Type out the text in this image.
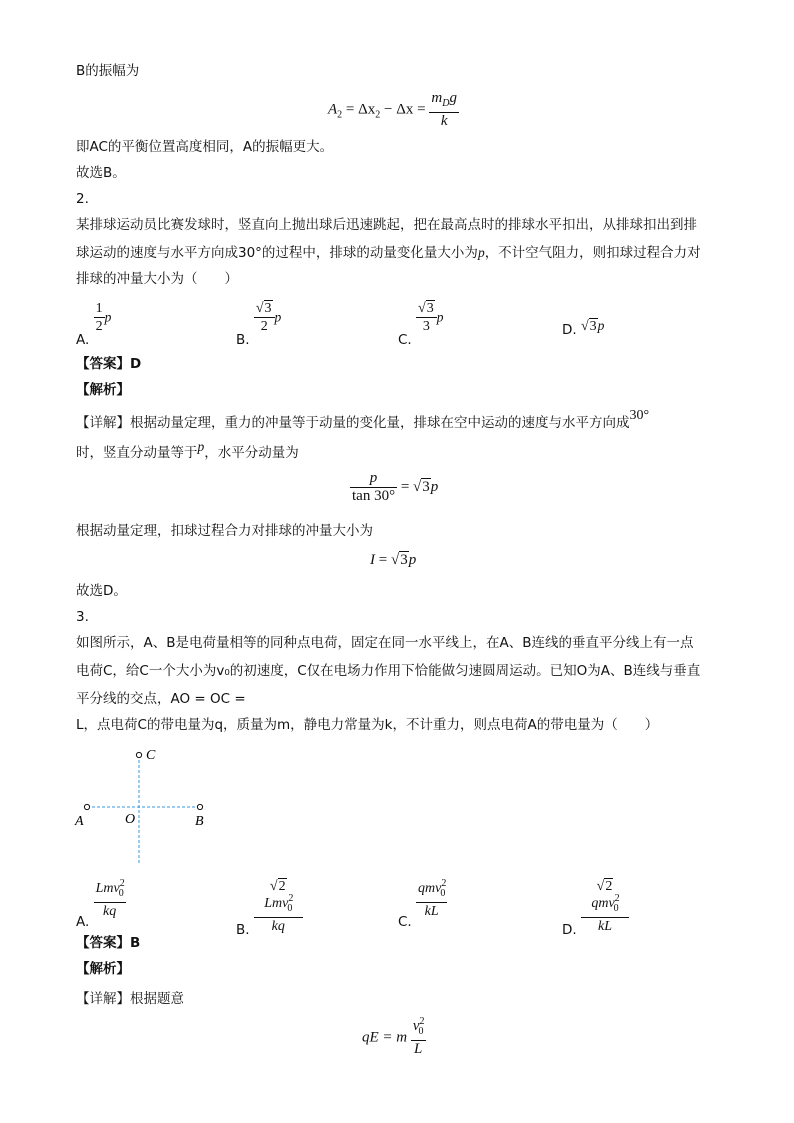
B的振幅为
$A_2 = \Delta x_2 - \Delta x = \frac{m_Dg}{k}$
即AC的平衡位置高度相同，A的振幅更大。
故选B。
2.
某排球运动员比赛发球时，竖直向上抛出球后迅速跳起，把在最高点时的排球水平扣出，从排球扣出到排
球运动的速度与水平方向成30°的过程中，排球的动量变化量大小为p，不计空气阻力，则扣球过程合力对
排球的冲量大小为（　　）
A.
$\frac{1}{2}$ p
B.
$\frac{√3}{2}$ p
C.
$\frac{√3}{3}$ p
D. √3p
【答案】D
【解析】
【详解】根据动量定理，重力的冲量等于动量的变化量，排球在空中运动的速度与水平方向成30°
时，竖直分动量等于p，水平分动量为
$\frac{p}{\tan 30^\circ} = √3p$
根据动量定理，扣球过程合力对排球的冲量大小为
I = √3p
故选D。
3.
如图所示，A、B是电荷量相等的同种点电荷，固定在同一水平线上，在A、B连线的垂直平分线上有一点
电荷C，给C一个大小为v₀的初速度，C仅在电场力作用下恰能做匀速圆周运动。已知O为A、B连线与垂直
平分线的交点，AO = OC =
L，点电荷C的带电量为q，质量为m，静电力常量为k，不计重力，则点电荷A的带电量为（　　）
C
A	O	B
A.
$\frac{Lmv_{20}}{kq}$
B. $\frac{√2Lmv_{20}}{kq}$	C.
$\frac{qmv_{20}}{kL}$
D. $\frac{√2qmv_{20}}{kL}$
【答案】B
【解析】
【详解】根据题意
qE = m $\frac{v_{20}}{L}$
